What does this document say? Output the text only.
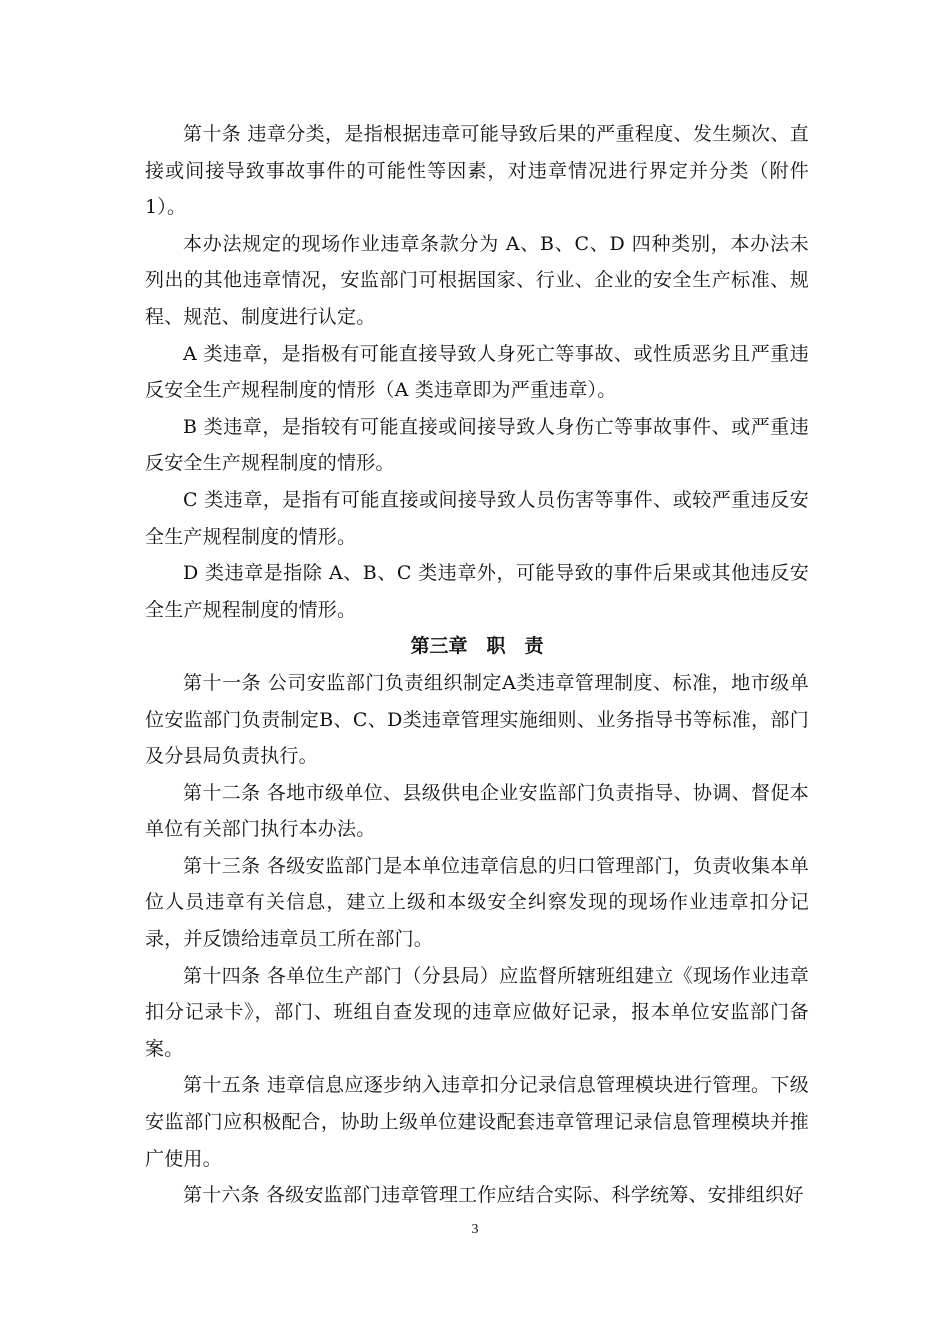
第十条 违章分类，是指根据违章可能导致后果的严重程度、发生频次、直接或间接导致事故事件的可能性等因素，对违章情况进行界定并分类（附件 1）。

本办法规定的现场作业违章条款分为 A、B、C、D 四种类别，本办法未列出的其他违章情况，安监部门可根据国家、行业、企业的安全生产标准、规程、规范、制度进行认定。

A 类违章，是指极有可能直接导致人身死亡等事故、或性质恶劣且严重违反安全生产规程制度的情形（A 类违章即为严重违章）。

B 类违章，是指较有可能直接或间接导致人身伤亡等事故事件、或严重违反安全生产规程制度的情形。

C 类违章，是指有可能直接或间接导致人员伤害等事件、或较严重违反安全生产规程制度的情形。

D 类违章是指除 A、B、C 类违章外，可能导致的事件后果或其他违反安全生产规程制度的情形。

第三章　职　责

第十一条 公司安监部门负责组织制定A类违章管理制度、标准，地市级单位安监部门负责制定B、C、D类违章管理实施细则、业务指导书等标准，部门及分县局负责执行。

第十二条 各地市级单位、县级供电企业安监部门负责指导、协调、督促本单位有关部门执行本办法。

第十三条 各级安监部门是本单位违章信息的归口管理部门，负责收集本单位人员违章有关信息，建立上级和本级安全纠察发现的现场作业违章扣分记录，并反馈给违章员工所在部门。

第十四条 各单位生产部门（分县局）应监督所辖班组建立《现场作业违章扣分记录卡》，部门、班组自查发现的违章应做好记录，报本单位安监部门备案。

第十五条 违章信息应逐步纳入违章扣分记录信息管理模块进行管理。下级安监部门应积极配合，协助上级单位建设配套违章管理记录信息管理模块并推广使用。

第十六条 各级安监部门违章管理工作应结合实际、科学统筹、安排组织好

3
